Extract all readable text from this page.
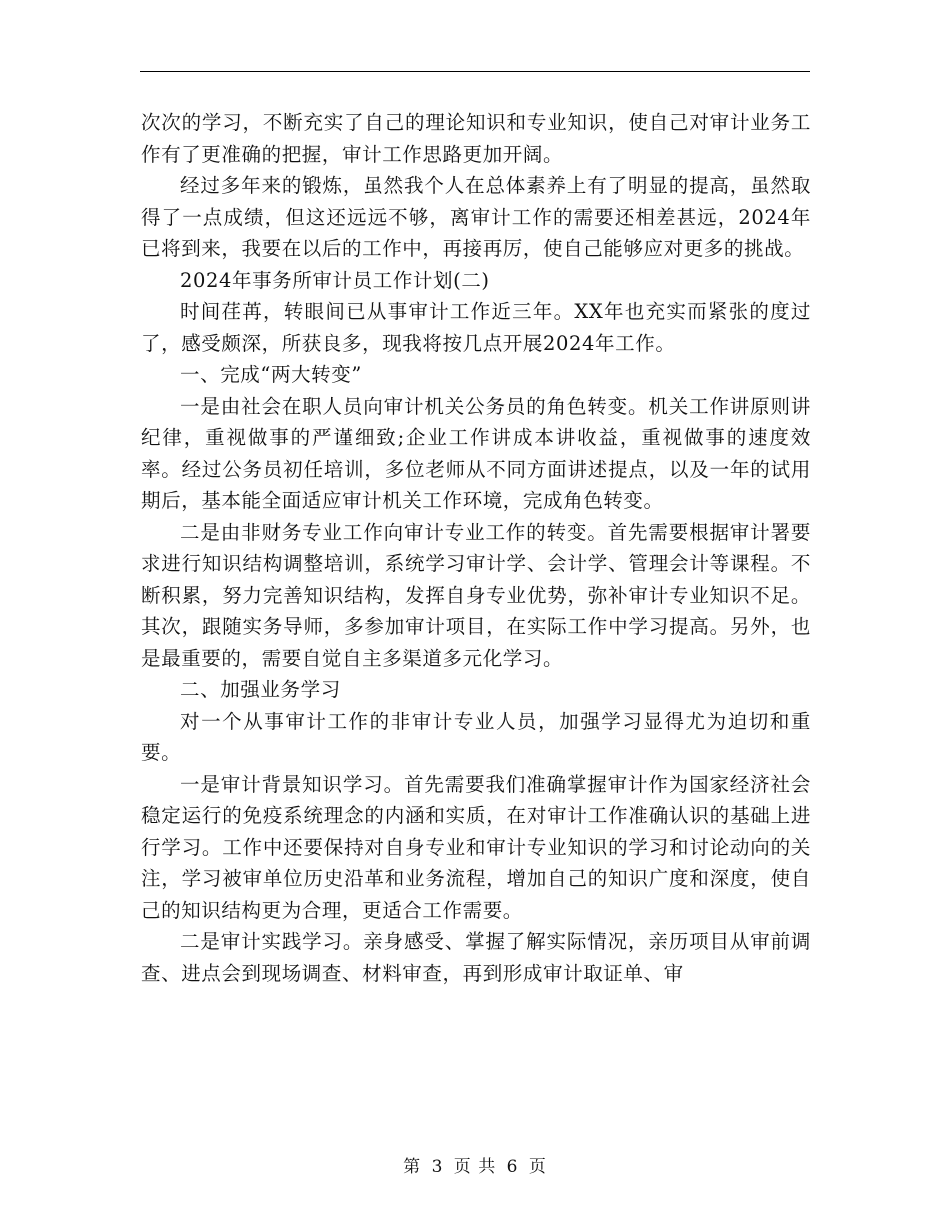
次次的学习，不断充实了自己的理论知识和专业知识，使自己对审计业务工作有了更准确的把握，审计工作思路更加开阔。

经过多年来的锻炼，虽然我个人在总体素养上有了明显的提高，虽然取得了一点成绩，但这还远远不够，离审计工作的需要还相差甚远，2024年已将到来，我要在以后的工作中，再接再厉，使自己能够应对更多的挑战。

2024年事务所审计员工作计划(二)

时间荏苒，转眼间已从事审计工作近三年。XX年也充实而紧张的度过了，感受颇深，所获良多，现我将按几点开展2024年工作。

一、完成“两大转变”

一是由社会在职人员向审计机关公务员的角色转变。机关工作讲原则讲纪律，重视做事的严谨细致;企业工作讲成本讲收益，重视做事的速度效率。经过公务员初任培训，多位老师从不同方面讲述提点，以及一年的试用期后，基本能全面适应审计机关工作环境，完成角色转变。

二是由非财务专业工作向审计专业工作的转变。首先需要根据审计署要求进行知识结构调整培训，系统学习审计学、会计学、管理会计等课程。不断积累，努力完善知识结构，发挥自身专业优势，弥补审计专业知识不足。其次，跟随实务导师，多参加审计项目，在实际工作中学习提高。另外，也是最重要的，需要自觉自主多渠道多元化学习。

二、加强业务学习

对一个从事审计工作的非审计专业人员，加强学习显得尤为迫切和重要。

一是审计背景知识学习。首先需要我们准确掌握审计作为国家经济社会稳定运行的免疫系统理念的内涵和实质，在对审计工作准确认识的基础上进行学习。工作中还要保持对自身专业和审计专业知识的学习和讨论动向的关注，学习被审单位历史沿革和业务流程，增加自己的知识广度和深度，使自己的知识结构更为合理，更适合工作需要。

二是审计实践学习。亲身感受、掌握了解实际情况，亲历项目从审前调查、进点会到现场调查、材料审查，再到形成审计取证单、审

第 3 页 共 6 页
